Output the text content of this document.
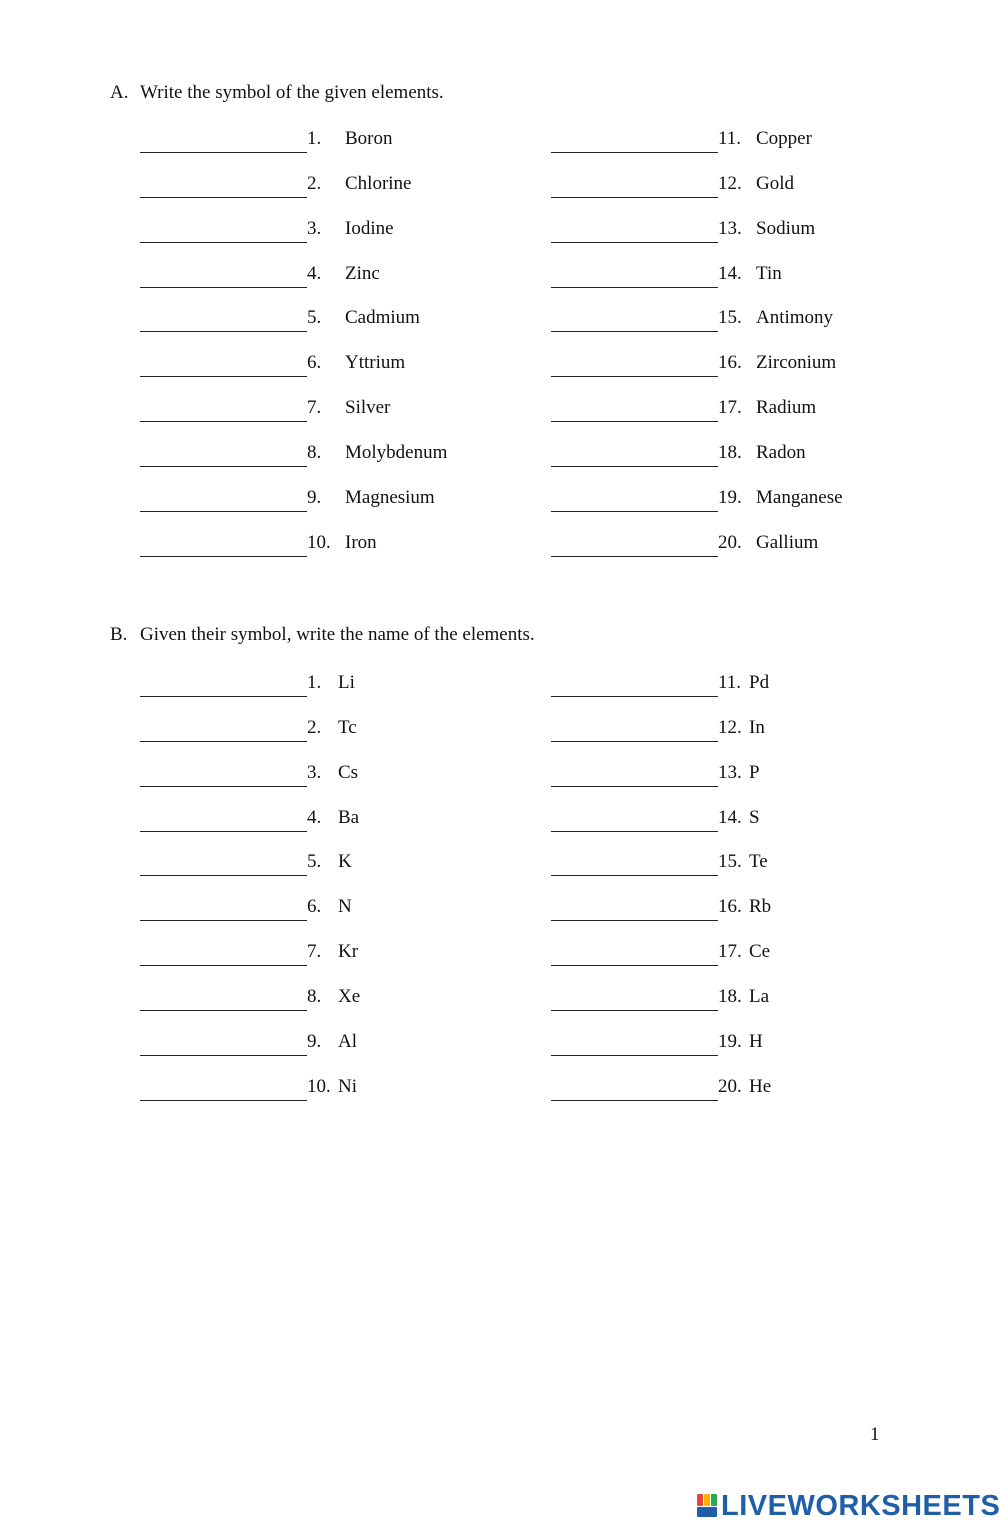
A. Write the symbol of the given elements.
1. Boron
2. Chlorine
3. Iodine
4. Zinc
5. Cadmium
6. Yttrium
7. Silver
8. Molybdenum
9. Magnesium
10. Iron
11. Copper
12. Gold
13. Sodium
14. Tin
15. Antimony
16. Zirconium
17. Radium
18. Radon
19. Manganese
20. Gallium
B. Given their symbol, write the name of the elements.
1. Li
2. Tc
3. Cs
4. Ba
5. K
6. N
7. Kr
8. Xe
9. Al
10. Ni
11. Pd
12. In
13. P
14. S
15. Te
16. Rb
17. Ce
18. La
19. H
20. He
1
LIVEWORKSHEETS
